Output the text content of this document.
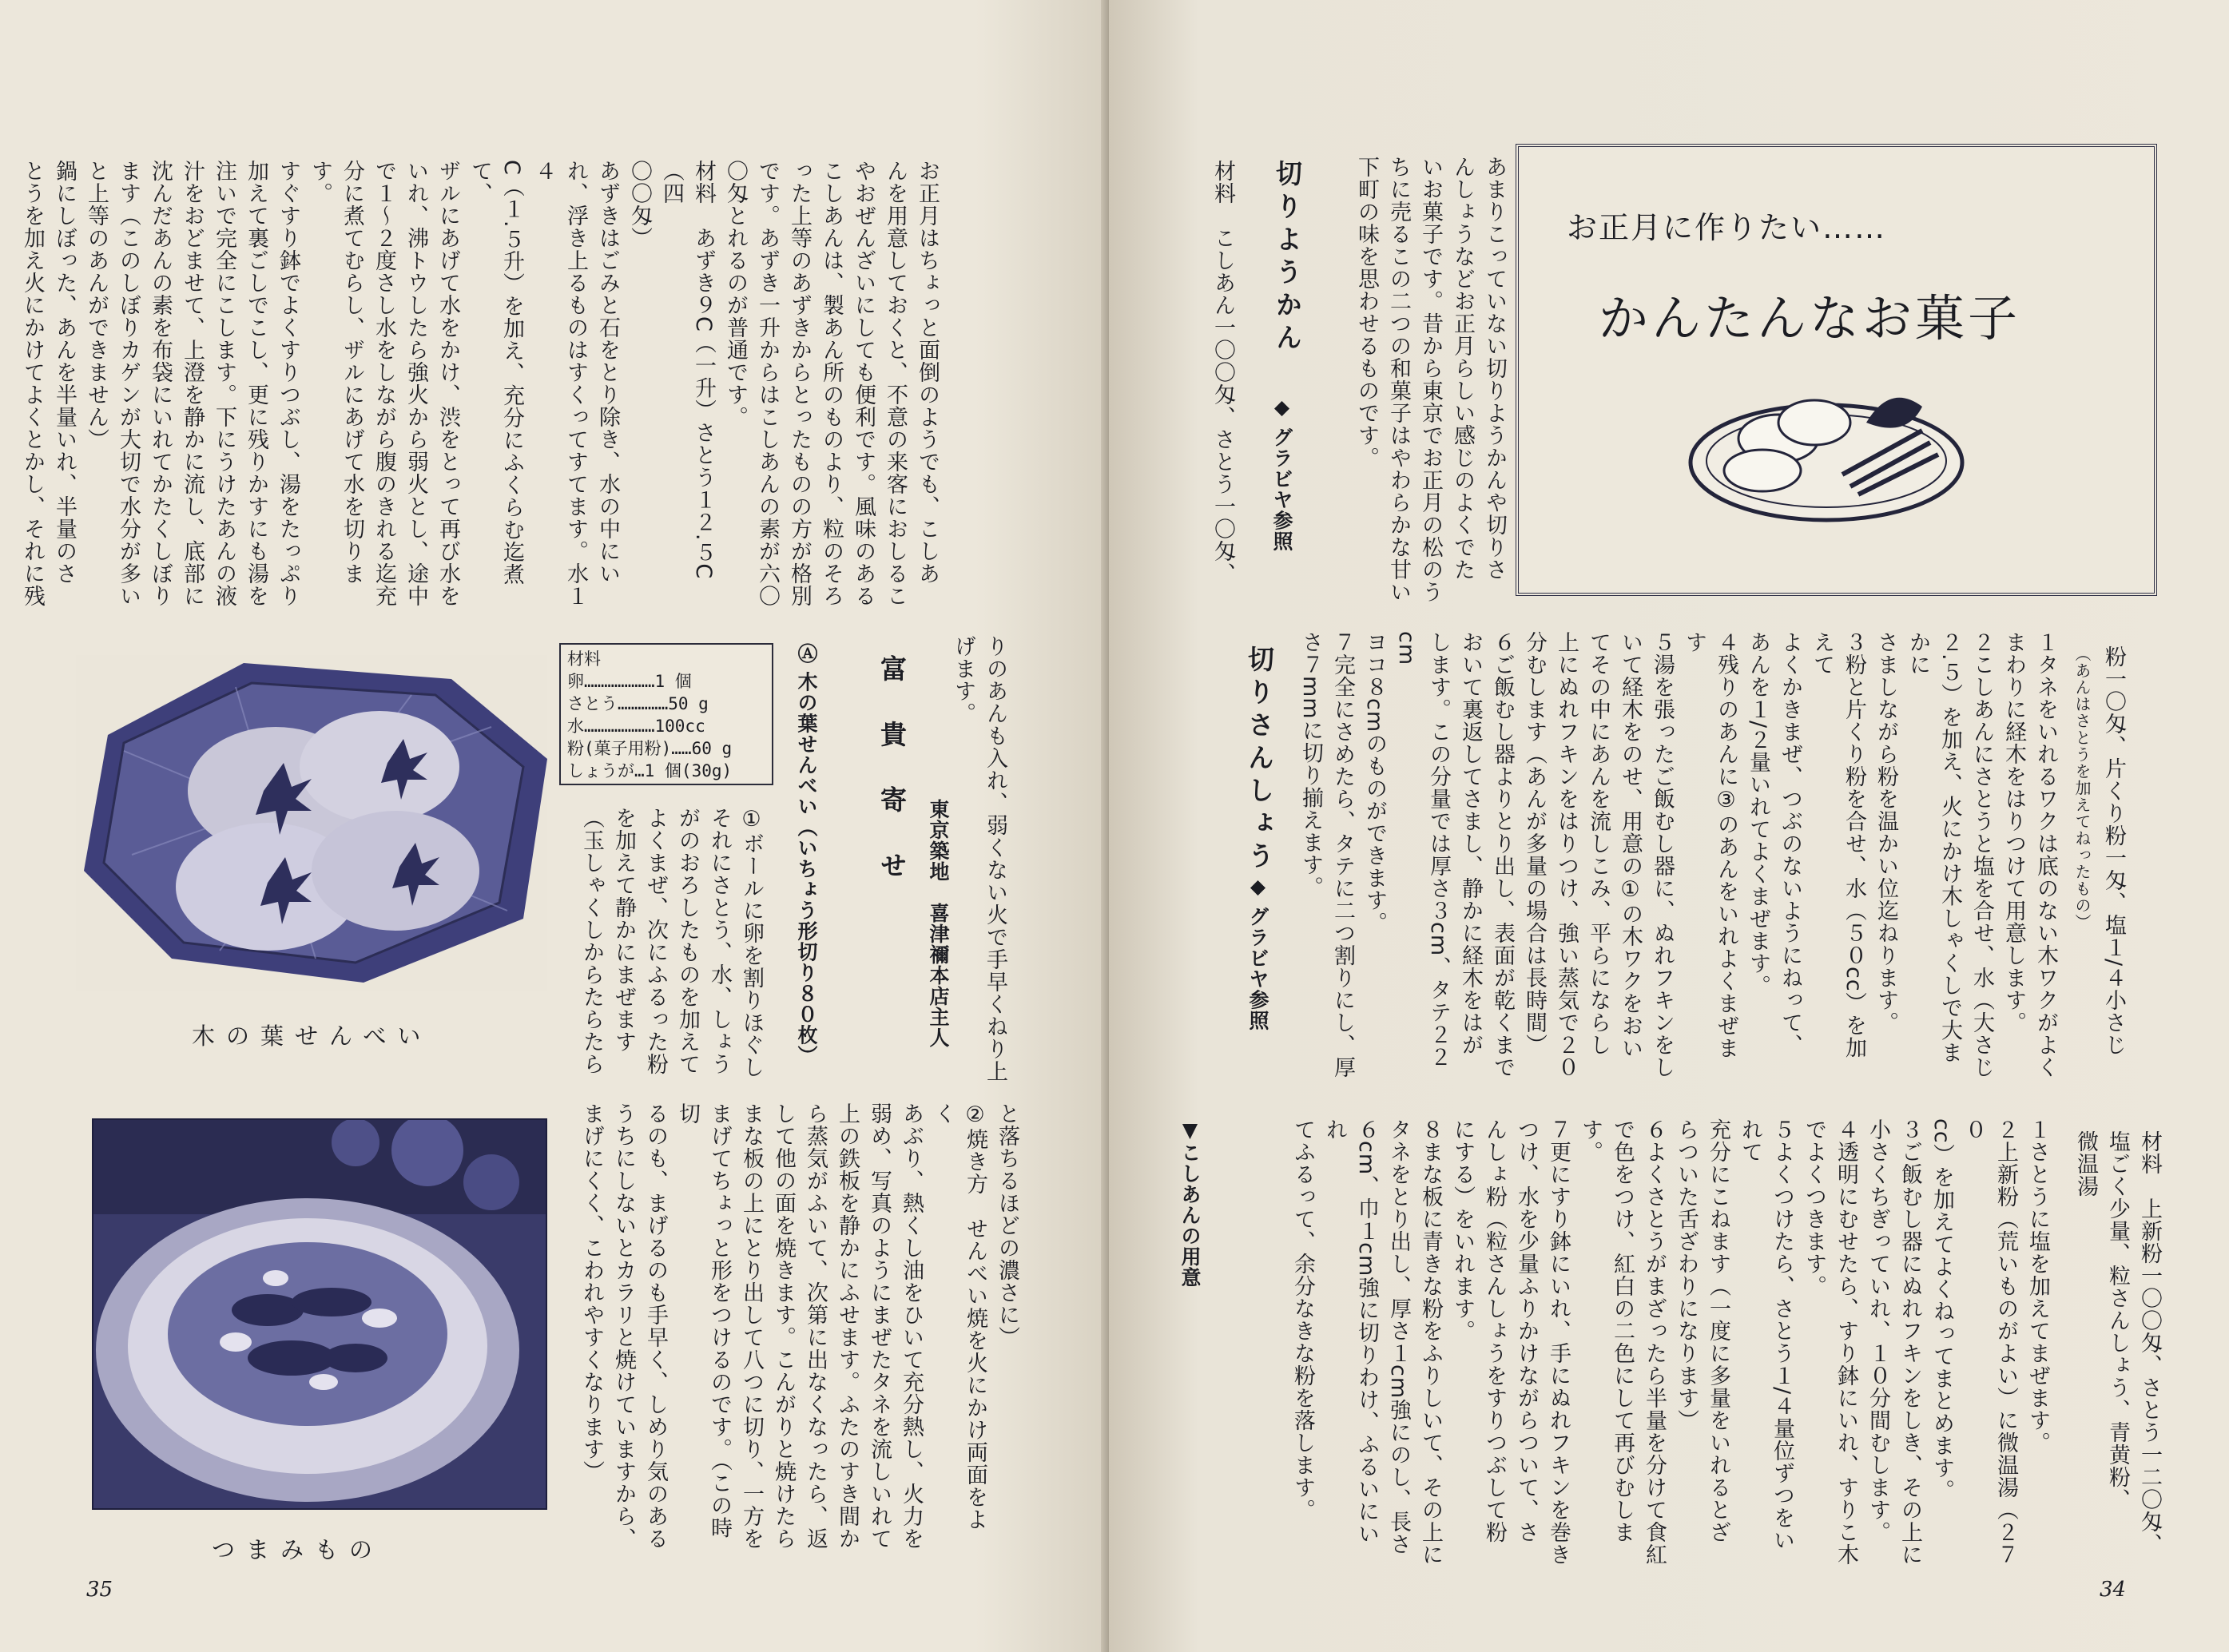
お正月はちょっと面倒のようでも、こしあ
んを用意しておくと、不意の来客におしるこ
やおぜんざいにしても便利です。風味のある
こしあんは、製あん所のものより、粒のそろ
った上等のあずきからとったものの方が格別
です。あずき一升からはこしあんの素が六〇
〇匁とれるのが普通です。
材料　あずき９C（一升）さとう１２.５C（四
〇〇匁）
あずきはごみと石をとり除き、水の中にい
れ、浮き上るものはすくってすてます。水１４
C（１.５升）を加え、充分にふくらむ迄煮て、
ザルにあげて水をかけ、渋をとって再び水を
いれ、沸トウしたら強火から弱火とし、途中
で１〜２度さし水をしながら腹のきれる迄充
分に煮てむらし、ザルにあげて水を切ります。
すぐすり鉢でよくすりつぶし、湯をたっぷり
加えて裏ごしでこし、更に残りかすにも湯を
注いで完全にこします。下にうけたあんの液
汁をおどませて、上澄を静かに流し、底部に
沈んだあんの素を布袋にいれてかたくしぼり
ます（このしぼりカゲンが大切で水分が多い
と上等のあんができません）
鍋にしぼった、あんを半量いれ、半量のさ
とうを加え火にかけてよくとかし、それに残
りのあんも入れ、弱くない火で手早くねり上
げます。
富　貴　寄　せ
東京築地　喜津禰本店主人
Ⓐ 木の葉せんべい（いちょう形切り８０枚）
材料
卵…………………1 個
さとう……………50 g
水…………………100cc
粉(菓子用粉)……60 g
しょうが…1 個(30g)
①ボールに卵を割りほぐし
それにさとう、水、しょう
がのおろしたものを加えて
よくまぜ、次にふるった粉
を加えて静かにまぜます
（玉しゃくしからたらたら
と落ちるほどの濃さに）
②焼き方　せんべい焼を火にかけ両面をよく
あぶり、熱くし油をひいて充分熱し、火力を
弱め、写真のようにまぜたタネを流しいれて
上の鉄板を静かにふせます。ふたのすき間か
ら蒸気がふいて、次第に出なくなったら、返
して他の面を焼きます。こんがりと焼けたら
まな板の上にとり出して八つに切り、一方を
まげてちょっと形をつけるのです。（この時切
るのも、まげるのも手早く、しめり気のある
うちにしないとカラリと焼けていますから、
まげにくく、こわれやすくなります）
木の葉せんべい
つまみもの
35
お正月に作りたい……
かんたんなお菓子
あまりこっていない切りようかんや切りさ
んしょうなどお正月らしい感じのよくでた
いお菓子です。昔から東京でお正月の松のう
ちに売るこの二つの和菓子はやわらかな甘い
下町の味を思わせるものです。
切りようかん
◆ グラビヤ参照
材料　こしあん一〇〇匁、さとう一〇匁、
粉一〇匁、片くり粉一匁、塩１/４小さじ
（あんはさとうを加えてねったもの）
１タネをいれるワクは底のない木ワクがよく
まわりに経木をはりつけて用意します。
２こしあんにさとうと塩を合せ、水（大さじ
２.５）を加え、火にかけ木しゃくしで大まかに
さましながら粉を温かい位迄ねります。
３粉と片くり粉を合せ、水（５０cc）を加えて
よくかきまぜ、つぶのないようにねって、
あんを１/２量いれてよくまぜます。
４残りのあんに③のあんをいれよくまぜます
５湯を張ったご飯むし器に、ぬれフキンをし
いて経木をのせ、用意の①の木ワクをおい
てその中にあんを流しこみ、平らにならし
上にぬれフキンをはりつけ、強い蒸気で２０
分むします（あんが多量の場合は長時間）
６ご飯むし器よりとり出し、表面が乾くまで
おいて裏返してさまし、静かに経木をはが
します。この分量では厚さ３cm、タテ２２cm
ヨコ８cmのものができます。
７完全にさめたら、タテに二つ割りにし、厚
さ７mmに切り揃えます。
切りさんしょう
◆ グラビヤ参照
材料　上新粉一〇〇匁、さとう一二〇匁、
塩ごく少量、粒さんしょう、青黄粉、
微温湯
１さとうに塩を加えてまぜます。
２上新粉（荒いものがよい）に微温湯（２７０
cc）を加えてよくねってまとめます。
３ご飯むし器にぬれフキンをしき、その上に
小さくちぎっていれ、１０分間むします。
４透明にむせたら、すり鉢にいれ、すりこ木
でよくつきます。
５よくつけたら、さとう１/４量位ずつをいれて
充分にこねます（一度に多量をいれるとざ
らついた舌ざわりになります）
６よくさとうがまざったら半量を分けて食紅
で色をつけ、紅白の二色にして再びむしま
す。
７更にすり鉢にいれ、手にぬれフキンを巻き
つけ、水を少量ふりかけながらついて、さ
んしょ粉（粒さんしょうをすりつぶして粉
にする）をいれます。
８まな板に青きな粉をふりしいて、その上に
タネをとり出し、厚さ１cm強にのし、長さ
６cm、巾１cm強に切りわけ、ふるいにいれ
てふるって、余分なきな粉を落します。
▼こしあんの用意
34
